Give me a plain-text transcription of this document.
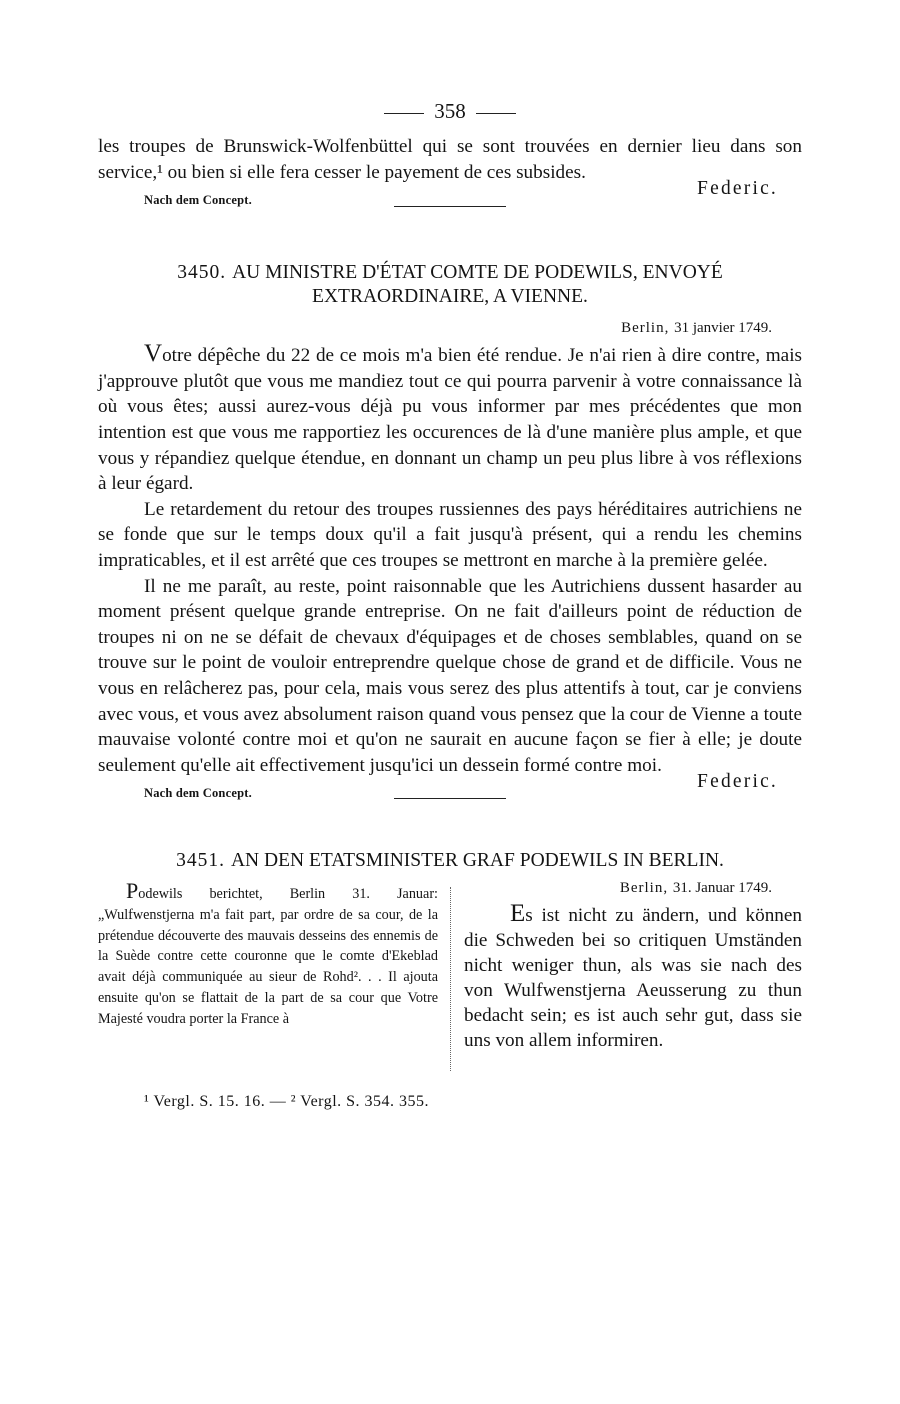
358

les troupes de Brunswick-Wolfenbüttel qui se sont trouvées en dernier lieu dans son service,¹ ou bien si elle fera cesser le payement de ces subsides.

Nach dem Concept.
Federic.

3450. AU MINISTRE D'ÉTAT COMTE DE PODEWILS, ENVOYÉ
EXTRAORDINAIRE, A VIENNE.

Berlin, 31 janvier 1749.

Votre dépêche du 22 de ce mois m'a bien été rendue. Je n'ai rien à dire contre, mais j'approuve plutôt que vous me mandiez tout ce qui pourra parvenir à votre connaissance là où vous êtes; aussi aurez-vous déjà pu vous informer par mes précédentes que mon intention est que vous me rapportiez les occurences de là d'une manière plus ample, et que vous y répandiez quelque étendue, en donnant un champ un peu plus libre à vos réflexions à leur égard.

Le retardement du retour des troupes russiennes des pays héréditaires autrichiens ne se fonde que sur le temps doux qu'il a fait jusqu'à présent, qui a rendu les chemins impraticables, et il est arrêté que ces troupes se mettront en marche à la première gelée.

Il ne me paraît, au reste, point raisonnable que les Autrichiens dussent hasarder au moment présent quelque grande entreprise. On ne fait d'ailleurs point de réduction de troupes ni on ne se défait de chevaux d'équipages et de choses semblables, quand on se trouve sur le point de vouloir entreprendre quelque chose de grand et de difficile. Vous ne vous en relâcherez pas, pour cela, mais vous serez des plus attentifs à tout, car je conviens avec vous, et vous avez absolument raison quand vous pensez que la cour de Vienne a toute mauvaise volonté contre moi et qu'on ne saurait en aucune façon se fier à elle; je doute seulement qu'elle ait effectivement jusqu'ici un dessein formé contre moi.

Nach dem Concept.
Federic.

3451. AN DEN ETATSMINISTER GRAF PODEWILS IN BERLIN.

Podewils berichtet, Berlin 31. Januar: „Wulfwenstjerna m'a fait part, par ordre de sa cour, de la prétendue découverte des mauvais desseins des ennemis de la Suède contre cette couronne que le comte d'Ekeblad avait déjà communiquée au sieur de Rohd². . . Il ajouta ensuite qu'on se flattait de la part de sa cour que Votre Majesté voudra porter la France à
Berlin, 31. Januar 1749.

Es ist nicht zu ändern, und können die Schweden bei so critiquen Umständen nicht weniger thun, als was sie nach des von Wulfwenstjerna Aeusserung zu thun bedacht sein; es ist auch sehr gut, dass sie uns von allem informiren.

¹ Vergl. S. 15. 16. — ² Vergl. S. 354. 355.
